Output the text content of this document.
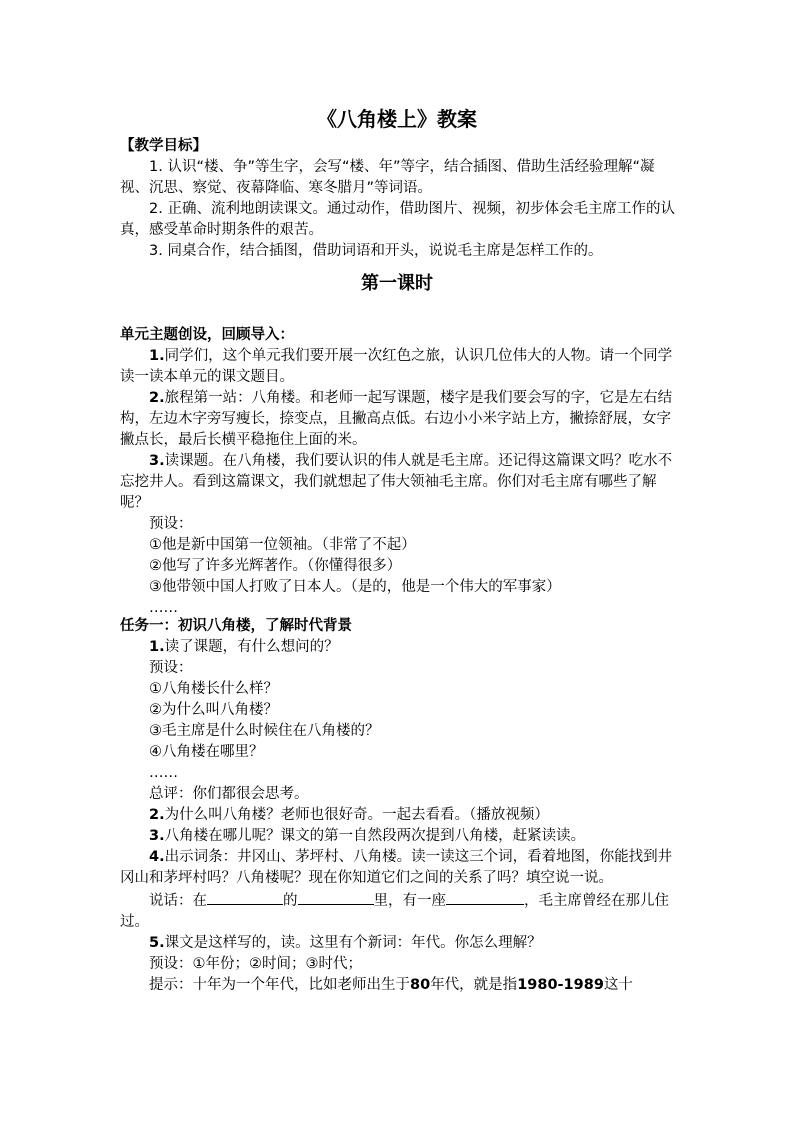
《八角楼上》教案

【教学目标】

1. 认识“楼、争”等生字，会写“楼、年”等字，结合插图、借助生活经验理解“凝视、沉思、察觉、夜幕降临、寒冬腊月”等词语。

2. 正确、流利地朗读课文。通过动作，借助图片、视频，初步体会毛主席工作的认真，感受革命时期条件的艰苦。

3. 同桌合作，结合插图，借助词语和开头，说说毛主席是怎样工作的。

第一课时

单元主题创设，回顾导入：

1.同学们，这个单元我们要开展一次红色之旅，认识几位伟大的人物。请一个同学读一读本单元的课文题目。

2.旅程第一站：八角楼。和老师一起写课题，楼字是我们要会写的字，它是左右结构，左边木字旁写瘦长，捺变点，且撇高点低。右边小小米字站上方，撇捺舒展，女字撇点长，最后长横平稳拖住上面的米。

3.读课题。在八角楼，我们要认识的伟人就是毛主席。还记得这篇课文吗？吃水不忘挖井人。看到这篇课文，我们就想起了伟大领袖毛主席。你们对毛主席有哪些了解呢？

预设：

①他是新中国第一位领袖。（非常了不起）

②他写了许多光辉著作。（你懂得很多）

③他带领中国人打败了日本人。（是的，他是一个伟大的军事家）

……

任务一：初识八角楼，了解时代背景

1.读了课题，有什么想问的？

预设：

①八角楼长什么样？

②为什么叫八角楼？

③毛主席是什么时候住在八角楼的？

④八角楼在哪里？

……

总评：你们都很会思考。

2.为什么叫八角楼？老师也很好奇。一起去看看。（播放视频）

3.八角楼在哪儿呢？课文的第一自然段两次提到八角楼，赶紧读读。

4.出示词条：井冈山、茅坪村、八角楼。读一读这三个词，看着地图，你能找到井冈山和茅坪村吗？八角楼呢？现在你知道它们之间的关系了吗？填空说一说。

说话：在	的	里，有一座	，毛主席曾经在那儿住过。

5.课文是这样写的，读。这里有个新词：年代。你怎么理解？

预设：①年份；②时间；③时代；

提示：十年为一个年代，比如老师出生于80年代，就是指1980-1989这十
